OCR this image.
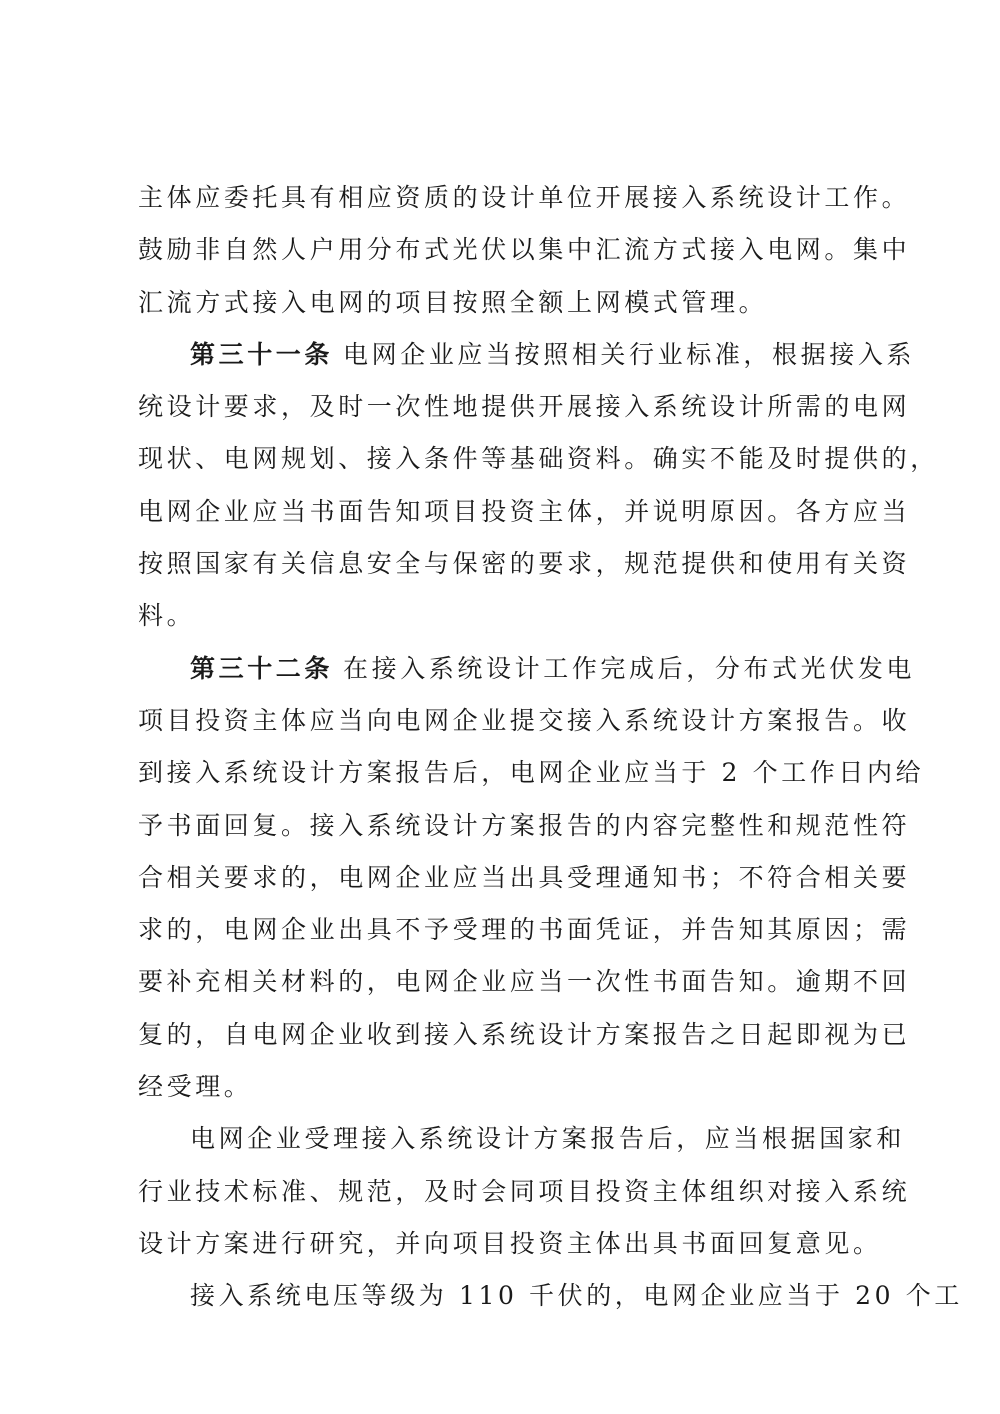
主体应委托具有相应资质的设计单位开展接入系统设计工作。
鼓励非自然人户用分布式光伏以集中汇流方式接入电网。集中
汇流方式接入电网的项目按照全额上网模式管理。
第三十一条 电网企业应当按照相关行业标准，根据接入系
统设计要求，及时一次性地提供开展接入系统设计所需的电网
现状、电网规划、接入条件等基础资料。确实不能及时提供的，
电网企业应当书面告知项目投资主体，并说明原因。各方应当
按照国家有关信息安全与保密的要求，规范提供和使用有关资
料。
第三十二条 在接入系统设计工作完成后，分布式光伏发电
项目投资主体应当向电网企业提交接入系统设计方案报告。收
到接入系统设计方案报告后，电网企业应当于 2 个工作日内给
予书面回复。接入系统设计方案报告的内容完整性和规范性符
合相关要求的，电网企业应当出具受理通知书；不符合相关要
求的，电网企业出具不予受理的书面凭证，并告知其原因；需
要补充相关材料的，电网企业应当一次性书面告知。逾期不回
复的，自电网企业收到接入系统设计方案报告之日起即视为已
经受理。
电网企业受理接入系统设计方案报告后，应当根据国家和
行业技术标准、规范，及时会同项目投资主体组织对接入系统
设计方案进行研究，并向项目投资主体出具书面回复意见。
接入系统电压等级为 110 千伏的，电网企业应当于 20 个工
